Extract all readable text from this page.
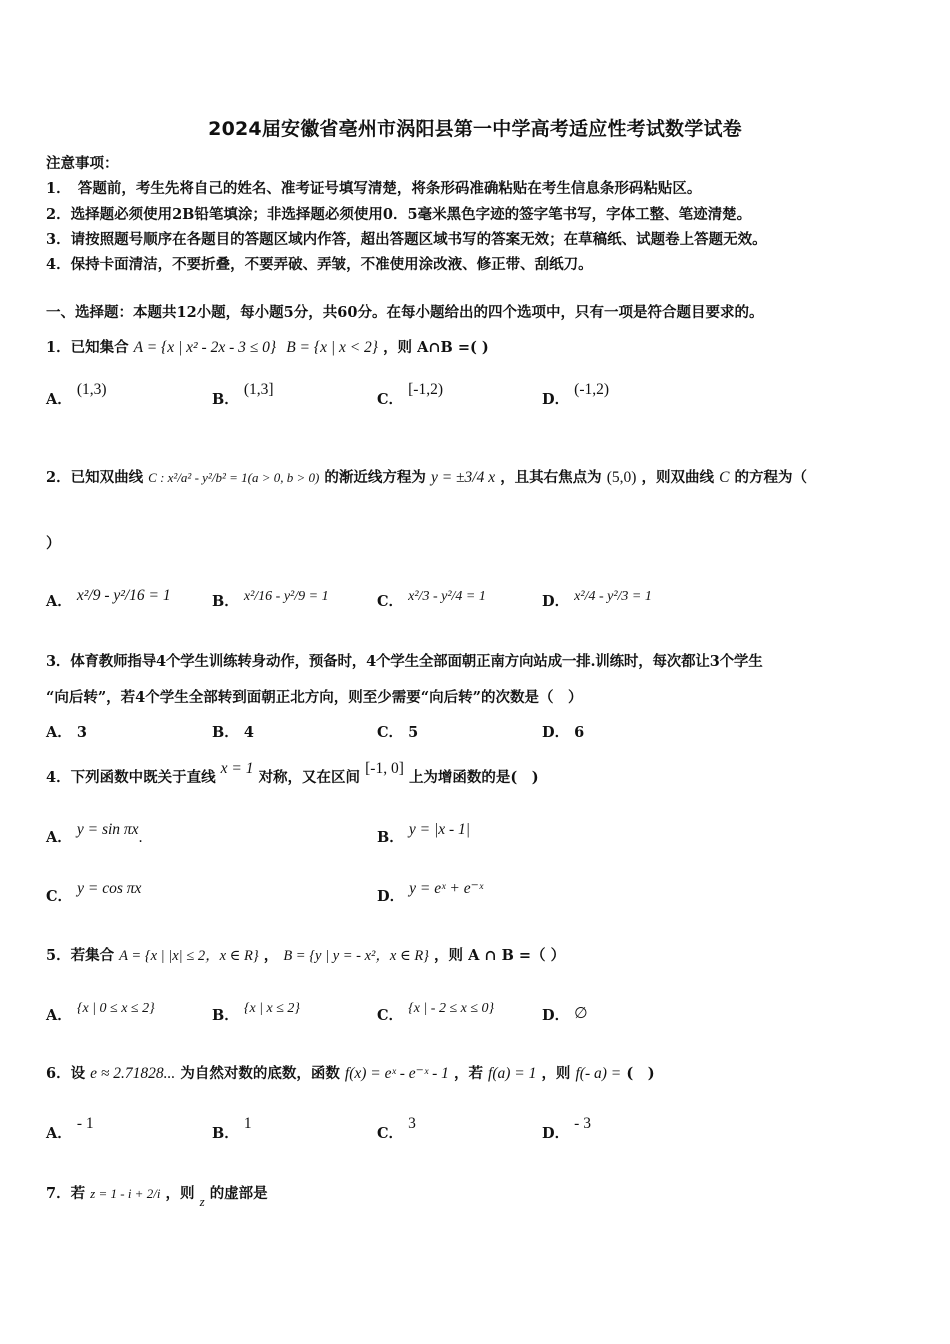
2024届安徽省亳州市涡阳县第一中学高考适应性考试数学试卷
注意事项：
1．　答题前，考生先将自己的姓名、准考证号填写清楚，将条形码准确粘贴在考生信息条形码粘贴区。
2．选择题必须使用2B铅笔填涂；非选择题必须使用0．5毫米黑色字迹的签字笔书写，字体工整、笔迹清楚。
3．请按照题号顺序在各题目的答题区域内作答，超出答题区域书写的答案无效；在草稿纸、试题卷上答题无效。
4．保持卡面清洁，不要折叠，不要弄破、弄皱，不准使用涂改液、修正带、刮纸刀。
一、选择题：本题共12小题，每小题5分，共60分。在每小题给出的四个选项中，只有一项是符合题目要求的。
1．已知集合 A = {x | x² - 2x - 3 ≤ 0} B = {x | x < 2} ，则 A∩B =( )
A． (1,3)
B． (1,3]
C． [-1,2)
D． (-1,2)
2．已知双曲线 C : x²/a² - y²/b² = 1(a > 0, b > 0) 的渐近线方程为 y = ±3/4 x ，且其右焦点为 (5,0) ，则双曲线 C 的方程为（
）
A． x²/9 - y²/16 = 1	B． x²/16 - y²/9 = 1	C． x²/3 - y²/4 = 1	D． x²/4 - y²/3 = 1
3．体育教师指导4个学生训练转身动作，预备时，4个学生全部面朝正南方向站成一排.训练时，每次都让3个学生
“向后转”，若4个学生全部转到面朝正北方向，则至少需要“向后转”的次数是（　）
A． 3	B． 4	C． 5	D． 6
4．下列函数中既关于直线 x = 1 对称，又在区间 [-1, 0] 上为增函数的是(　)
A． y = sin πx.	B． y = |x - 1|
C． y = cos πx	D． y = eˣ + e⁻ˣ
5．若集合 A = {x | |x| ≤ 2，x ∈ R} ， B = {y | y = - x²，x ∈ R} ，则 A ∩ B =（ ）
A． {x | 0 ≤ x ≤ 2}	B． {x | x ≤ 2}	C． {x | - 2 ≤ x ≤ 0}	D． ∅
6．设 e ≈ 2.71828... 为自然对数的底数，函数 f(x) = eˣ - e⁻ˣ - 1 ，若 f(a) = 1 ，则 f(- a) = (　)
A． - 1
B． 1
C． 3
D． - 3
7．若 z = 1 - i + 2/i ，则 z 的虚部是
